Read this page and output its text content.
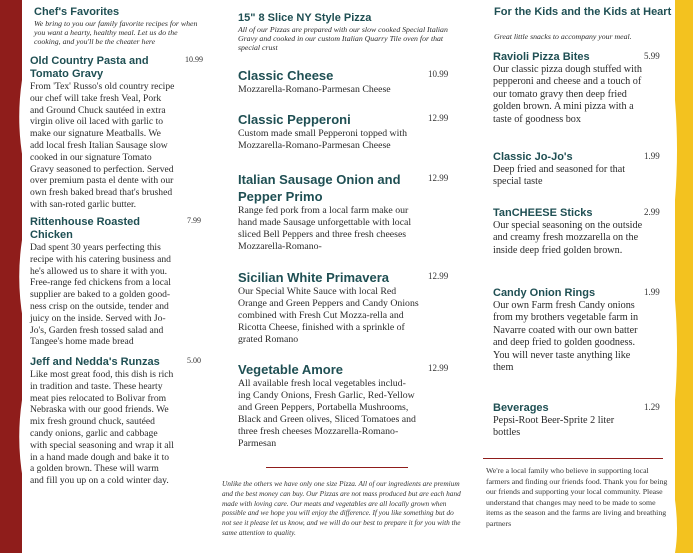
Chef's Favorites
We bring to you our family favorite recipes for when you want a hearty, healthy meal. Let us do the cooking, and you'll be the cheater here
Old Country Pasta and Tomato Gravy
10.99
From 'Tex' Russo's old country recipe our chef will take fresh Veal, Pork and Ground Chuck sautéed in extra virgin olive oil laced with garlic to make our signature Meatballs. We add local fresh Italian Sausage slow cooked in our signature Tomato Gravy seasoned to perfection. Served over premium pasta el dente with our own fresh baked bread that's brushed with san-roted garlic butter.
Rittenhouse Roasted Chicken
7.99
Dad spent 30 years perfecting this recipe with his catering business and he's allowed us to share it with you. Free-range fed chickens from a local supplier are baked to a golden good-ness crisp on the outside, tender and juicy on the inside. Served with Jo-Jo's, Garden fresh tossed salad and Tangee's home made bread
Jeff and Nedda's Runzas	5.00
Like most great food, this dish is rich in tradition and taste. These hearty meat pies relocated to Bolivar from Nebraska with our good friends. We mix fresh ground chuck, sautéed candy onions, garlic and cabbage with special seasoning and wrap it all in a hand made dough and bake it to a golden brown. These will warm and fill you up on a cold winter day.
15" 8 Slice NY Style Pizza
All of our Pizzas are prepared with our slow cooked Special Italian Gravy and cooked in our custom Italian Quarry Tile oven for that special crust
Classic Cheese	10.99
Mozzarella-Romano-Parmesan Cheese
Classic Pepperoni	12.99
Custom made small Pepperoni topped with Mozzarella-Romano-Parmesan Cheese
Italian Sausage Onion and Pepper Primo
12.99
Range fed pork from a local farm make our hand made Sausage unforgettable with local sliced Bell Peppers and three fresh cheeses Mozzarella-Romano-
Sicilian White Primavera	12.99
Our Special White Sauce with local Red Orange and Green Peppers and Candy Onions combined with Fresh Cut Mozza-rella and Ricotta Cheese, finished with a sprinkle of grated Romano
Vegetable Amore	12.99
All available fresh local vegetables includ-ing Candy Onions, Fresh Garlic, Red-Yellow and Green Peppers, Portabella Mushrooms, Black and Green olives, Sliced Tomatoes and three fresh cheeses Mozzarella-Romano-Parmesan
Unlike the others we have only one size Pizza. All of our ingredients are premium and the best money can buy. Our Pizzas are not mass produced but are each hand made with loving care. Our meats and vegetables are all locally grown when possible and we hope you will enjoy the difference. If you like something but do not see it please let us know, and we will do our best to prepare it for you with the same attention to quality.
For the Kids and the Kids at Heart
Great little snacks to accompany your meal.
Ravioli Pizza Bites	5.99
Our classic pizza dough stuffed with pepperoni and cheese and a touch of our tomato gravy then deep fried golden brown. A mini pizza with a taste of goodness box
Classic Jo-Jo's	1.99
Deep fried and seasoned for that special taste
TanCHEESE Sticks	2.99
Our special seasoning on the outside and creamy fresh mozzarella on the inside deep fried golden brown.
Candy Onion Rings	1.99
Our own Farm fresh Candy onions from my brothers vegetable farm in Navarre coated with our own batter and deep fried to golden goodness. You will never taste anything like them
Beverages	1.29
Pepsi-Root Beer-Sprite 2 liter bottles
We're a local family who believe in supporting local farmers and finding our friends food. Thank you for being our friends and supporting your local community. Please understand that changes may need to be made to some items as the season and the farms are living and breathing partners
